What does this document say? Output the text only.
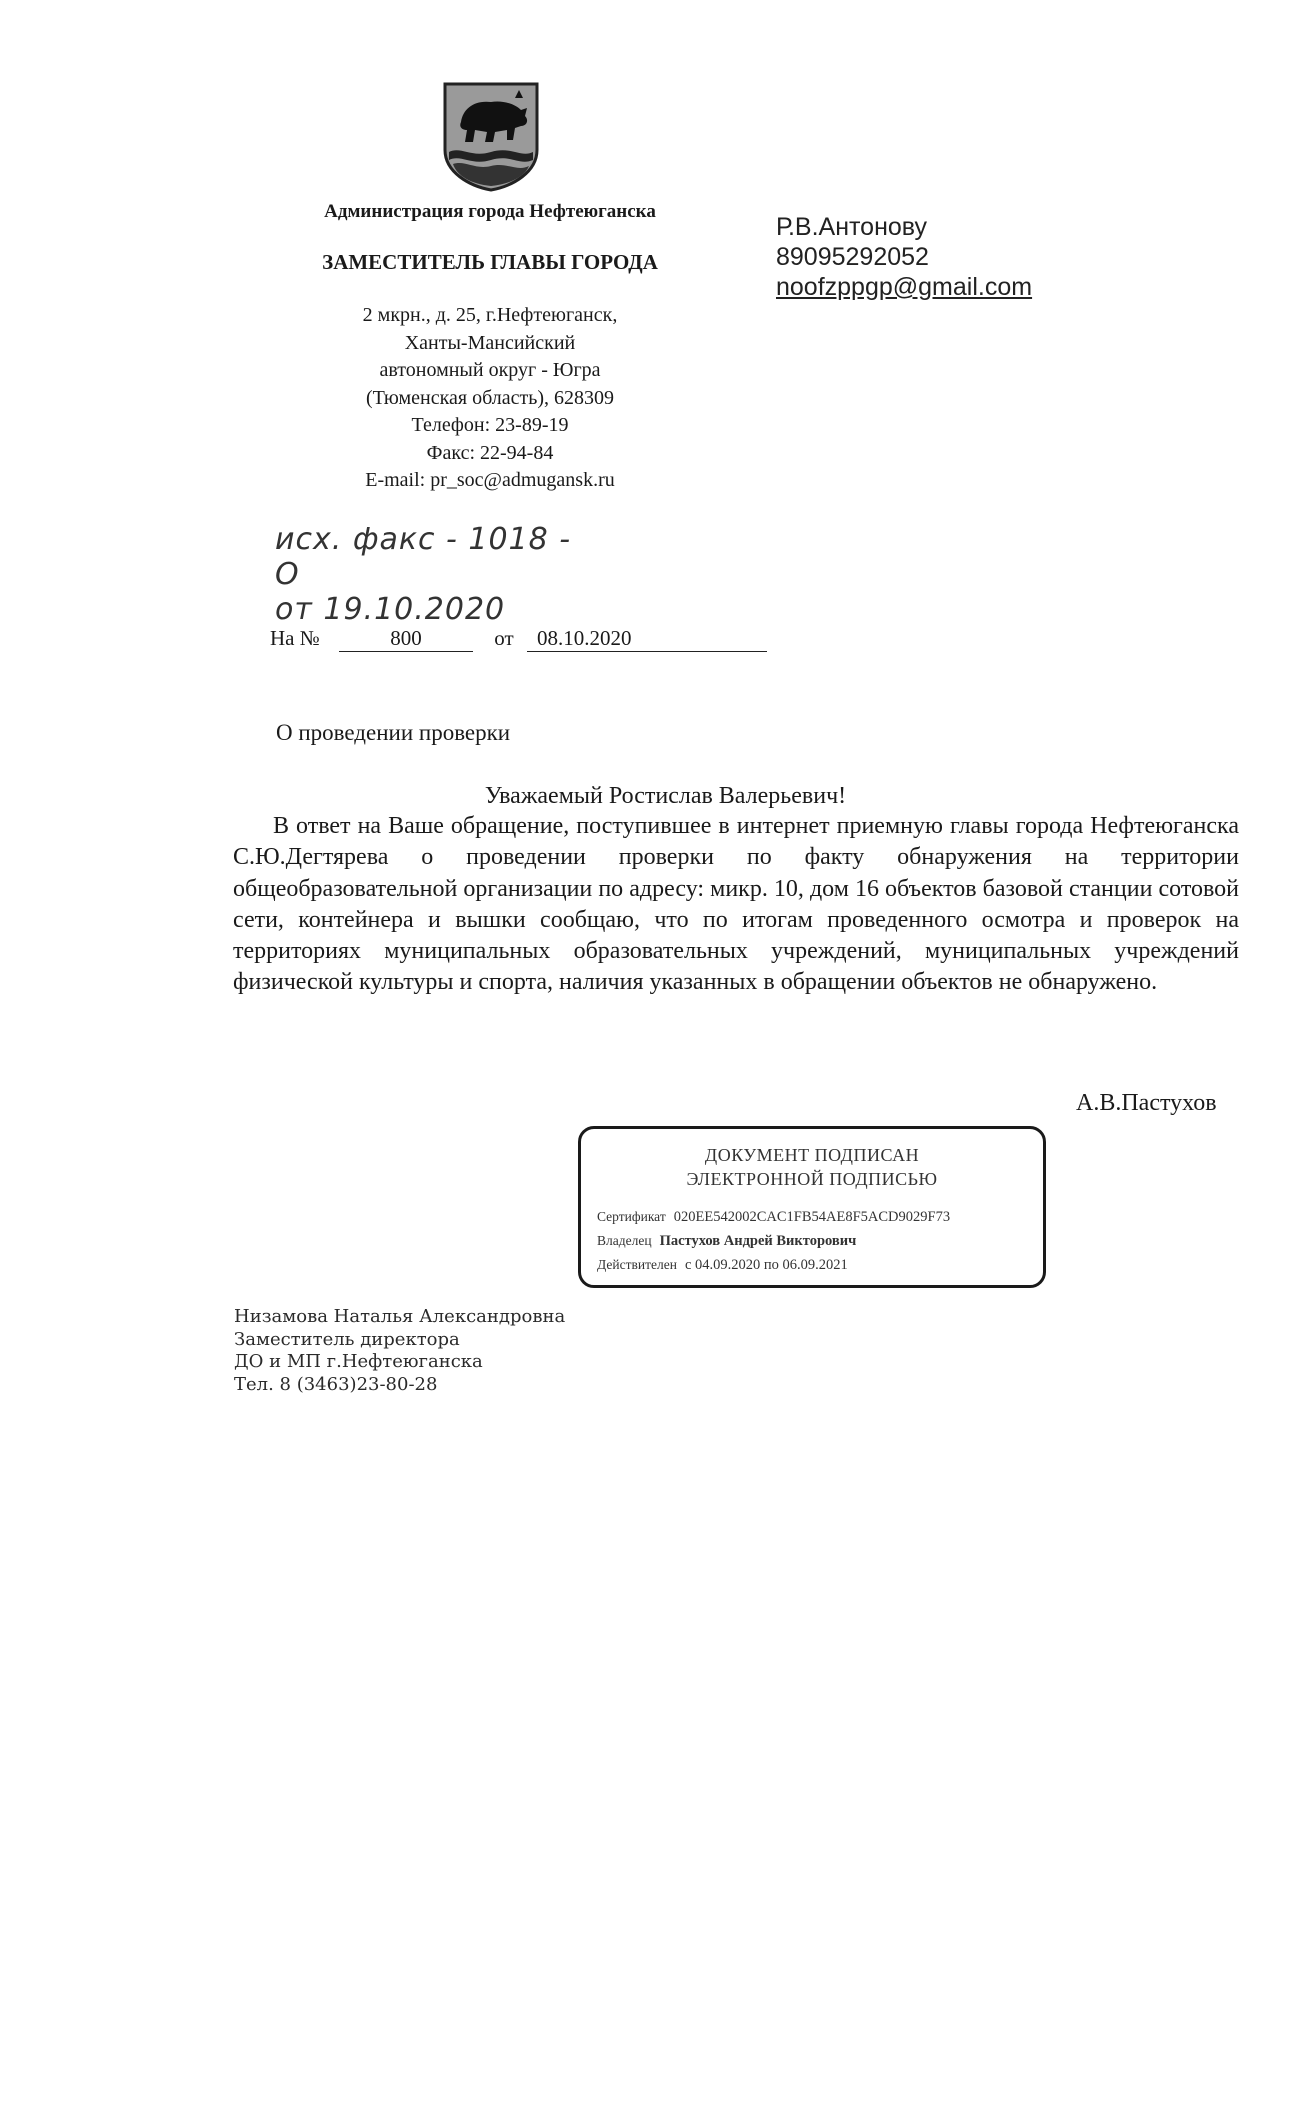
Администрация города Нефтеюганска
ЗАМЕСТИТЕЛЬ ГЛАВЫ ГОРОДА
2 мкрн., д. 25, г.Нефтеюганск,
Ханты-Мансийский
автономный округ - Югра
(Тюменская область), 628309
Телефон: 23-89-19
Факс: 22-94-84
E-mail: pr_soc@admugansk.ru
Р.В.Антонову
89095292052
noofzppgp@gmail.com
исх. факс - 1018 - О
от 19.10.2020
На №	800	от 08.10.2020
О проведении проверки
Уважаемый Ростислав Валерьевич!
В ответ на Ваше обращение, поступившее в интернет приемную главы города Нефтеюганска С.Ю.Дегтярева о проведении проверки по факту обнаружения на территории общеобразовательной организации по адресу: микр. 10, дом 16 объектов базовой станции сотовой сети, контейнера и вышки сообщаю, что по итогам проведенного осмотра и проверок на территориях муниципальных образовательных учреждений, муниципальных учреждений физической культуры и спорта, наличия указанных в обращении объектов не обнаружено.
А.В.Пастухов
ДОКУМЕНТ ПОДПИСАН
ЭЛЕКТРОННОЙ ПОДПИСЬЮ
Сертификат 020EE542002CAC1FB54AE8F5ACD9029F73
Владелец Пастухов Андрей Викторович
Действителен с 04.09.2020 по 06.09.2021
Низамова Наталья Александровна
Заместитель директора
ДО и МП г.Нефтеюганска
Тел. 8 (3463)23-80-28
